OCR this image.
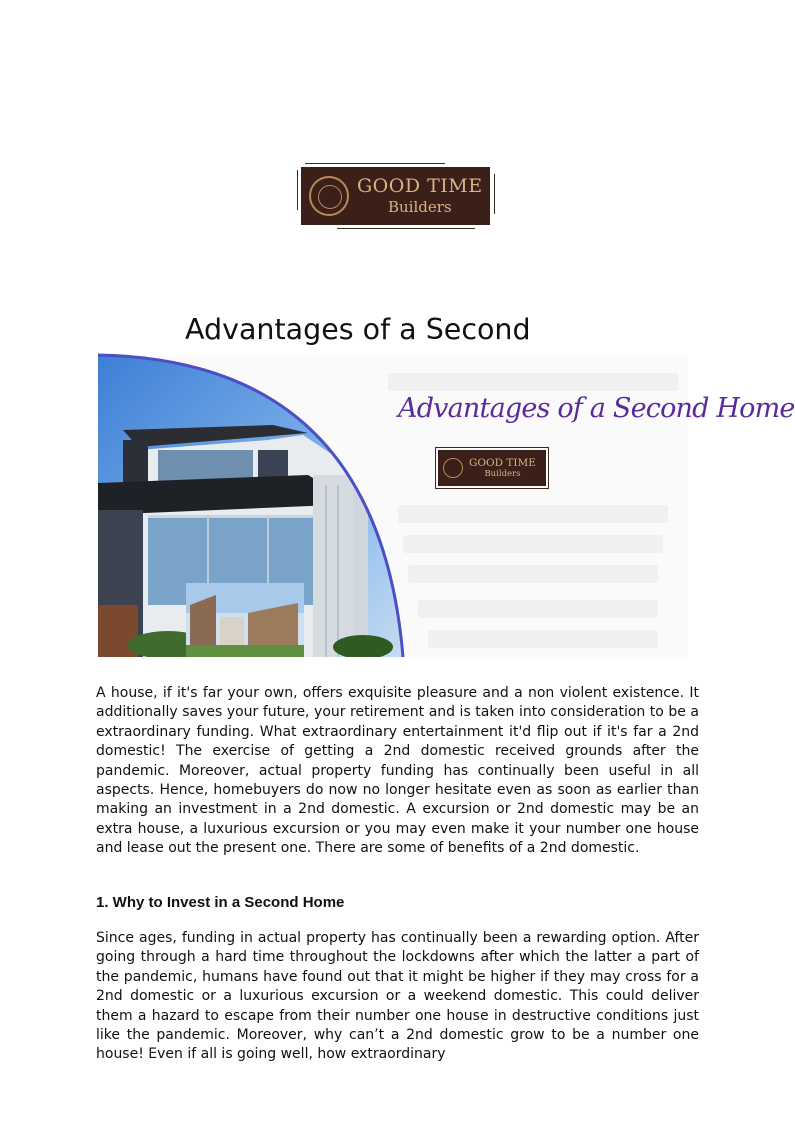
GOOD TIME
Builders
Advantages of a Second
Advantages of a Second Home
GOOD TIME
Builders

A house, if it's far your own, offers exquisite pleasure and a non violent existence. It additionally saves your future, your retirement and is taken into consideration to be a extraordinary funding. What extraordinary entertainment it'd flip out if it's far a 2nd domestic! The exercise of getting a 2nd domestic received grounds after the pandemic. Moreover, actual property funding has continually been useful in all aspects. Hence, homebuyers do now no longer hesitate even as soon as earlier than making an investment in a 2nd domestic. A excursion or 2nd domestic may be an extra house, a luxurious excursion or you may even make it your number one house and lease out the present one. There are some of benefits of a 2nd domestic.

1. Why to Invest in a Second Home

Since ages, funding in actual property has continually been a rewarding option. After going through a hard time throughout the lockdowns after which the latter a part of the pandemic, humans have found out that it might be higher if they may cross for a 2nd domestic or a luxurious excursion or a weekend domestic. This could deliver them a hazard to escape from their number one house in destructive conditions just like the pandemic. Moreover, why can’t a 2nd domestic grow to be a number one house! Even if all is going well, how extraordinary
